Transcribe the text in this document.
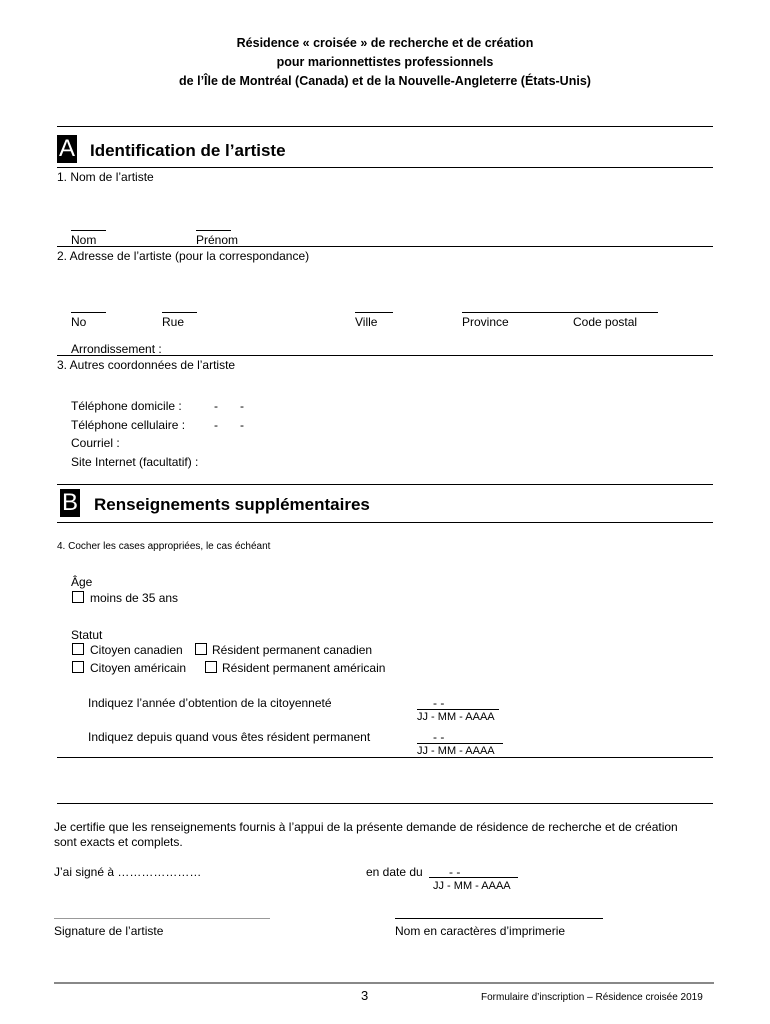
Résidence « croisée » de recherche et de création
pour marionnettistes professionnels
de l’Île de Montréal (Canada) et de la Nouvelle-Angleterre (États-Unis)
A Identification de l’artiste
1. Nom de l’artiste
Nom	Prénom
2. Adresse de l’artiste (pour la correspondance)
No	Rue	Ville	Province	Code postal
Arrondissement :
3. Autres coordonnées de l’artiste
Téléphone domicile :	- -
Téléphone cellulaire : - -
Courriel :
Site Internet (facultatif) :
B Renseignements supplémentaires
4. Cocher les cases appropriées, le cas échéant
Âge
moins de 35 ans
Statut
Citoyen canadien Résident permanent canadien
Citoyen américain	Résident permanent américain
Indiquez l’année d’obtention de la citoyenneté	- -
JJ - MM - AAAA
Indiquez depuis quand vous êtes résident permanent	- -
JJ - MM - AAAA
Je certifie que les renseignements fournis à l’appui de la présente demande de résidence de recherche et de création
sont exacts et complets.
J’ai signé à …………………	en date du - -
JJ - MM - AAAA
Signature de l’artiste	Nom en caractères d’imprimerie
3	Formulaire d’inscription – Résidence croisée 2019
